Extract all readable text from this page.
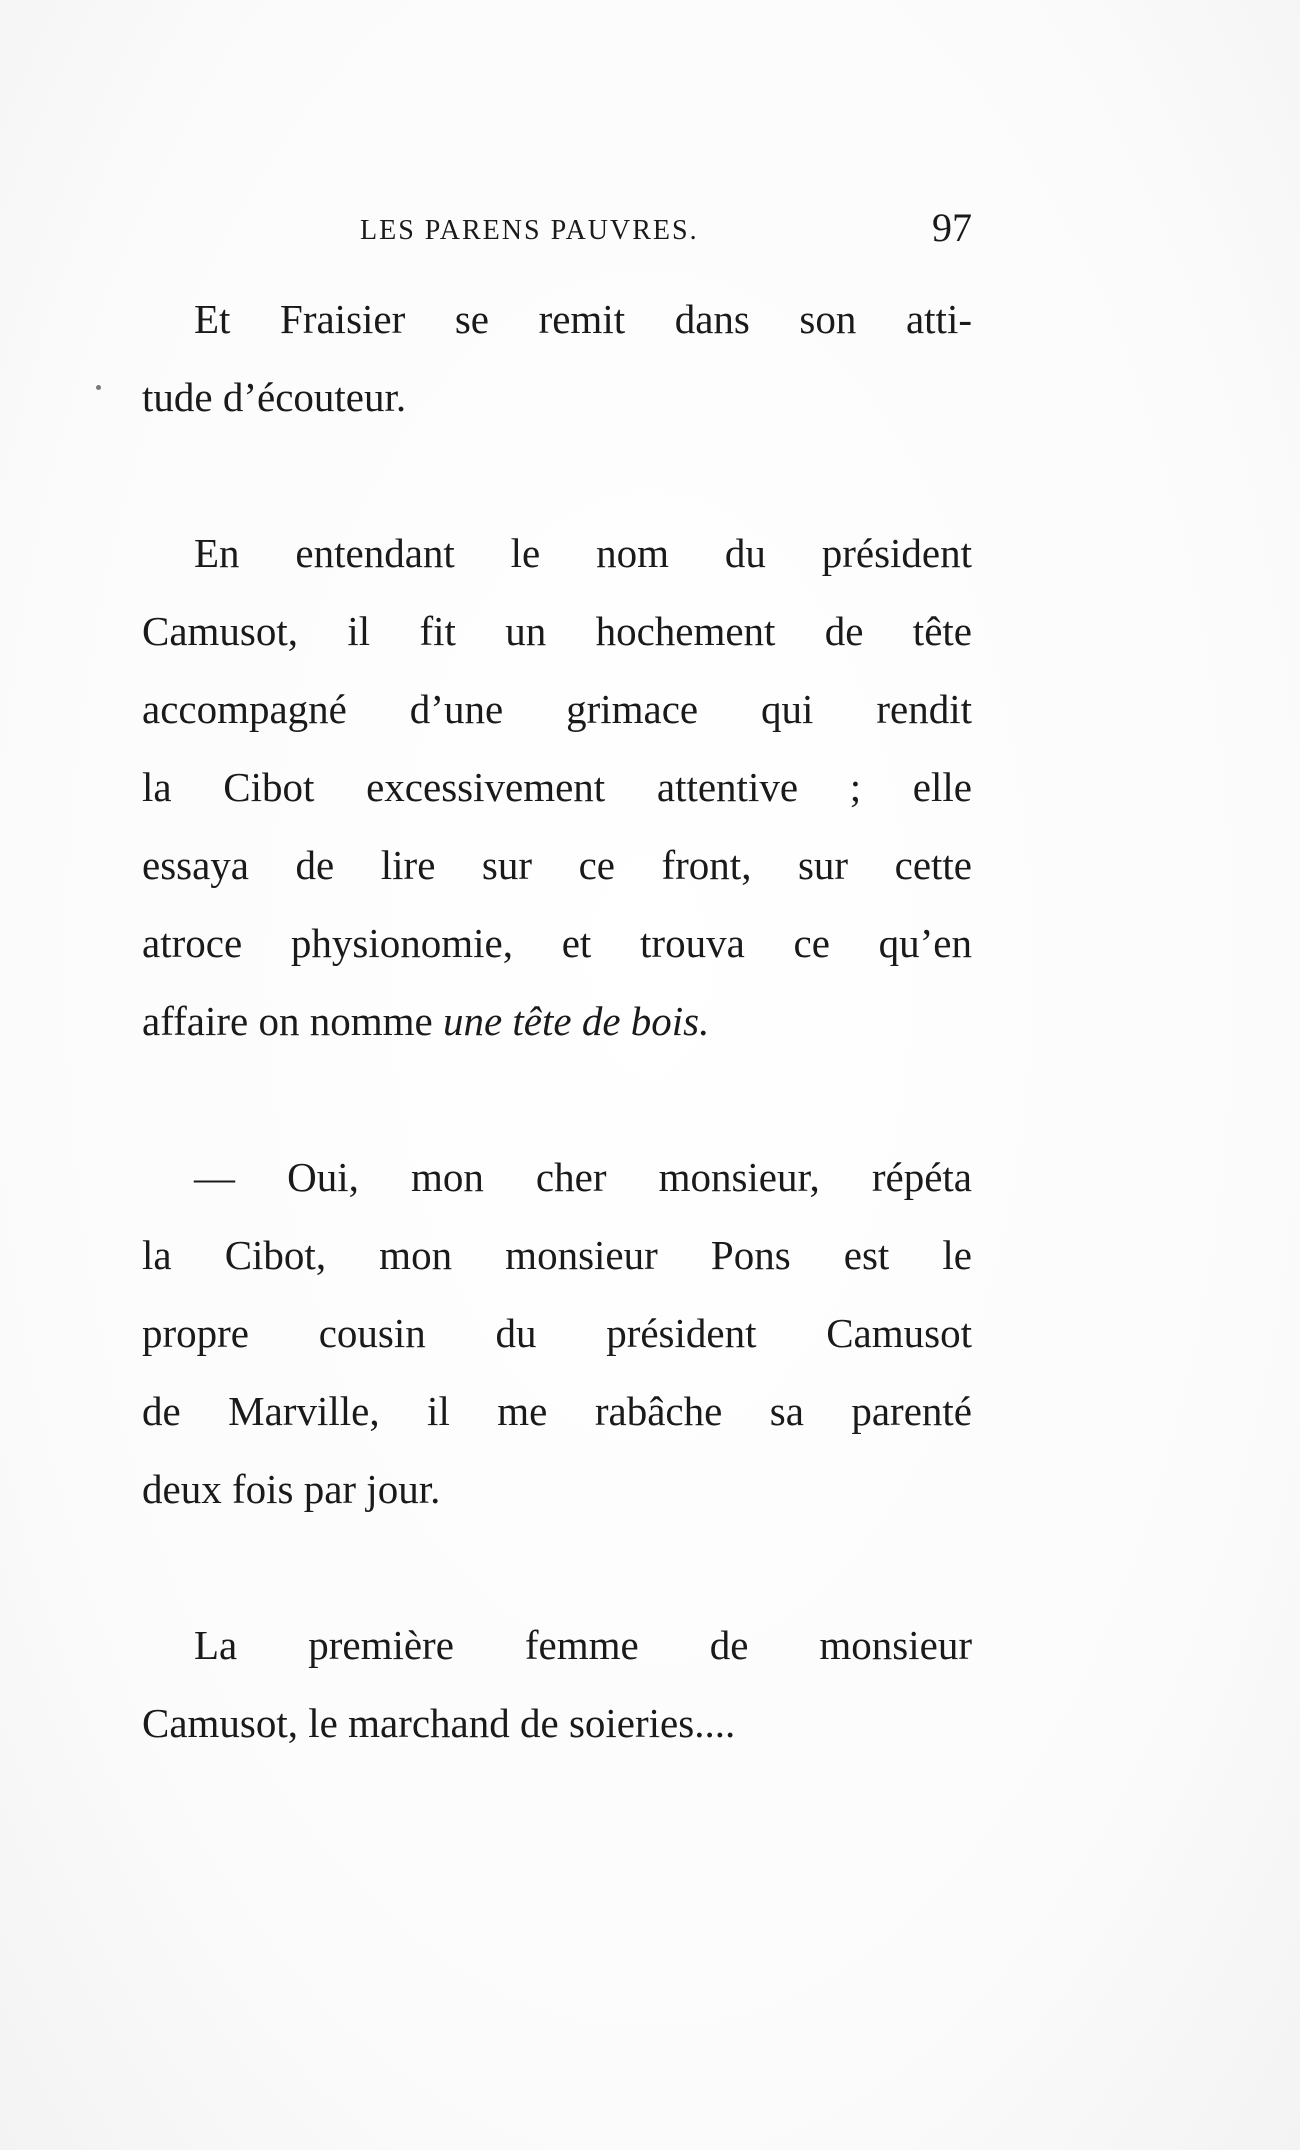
LES PARENS PAUVRES.	97
Et Fraisier se remit dans son atti-
tude d’écouteur.
En entendant le nom du président
Camusot, il fit un hochement de tête
accompagné d’une grimace qui rendit
la Cibot excessivement attentive ; elle
essaya de lire sur ce front, sur cette
atroce physionomie, et trouva ce qu’en
affaire on nomme une tête de bois.
— Oui, mon cher monsieur, répéta
la Cibot, mon monsieur Pons est le
propre cousin du président Camusot
de Marville, il me rabâche sa parenté
deux fois par jour.
La première femme de monsieur
Camusot, le marchand de soieries....
